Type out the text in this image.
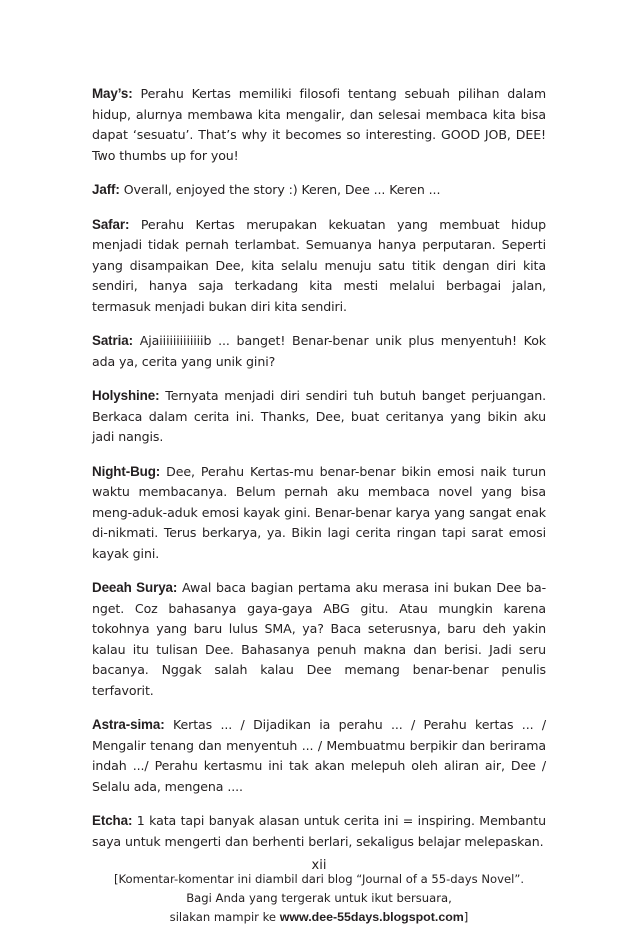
May’s: Perahu Kertas memiliki filosofi tentang sebuah pilihan dalam hidup, alurnya membawa kita mengalir, dan selesai membaca kita bisa dapat ‘sesuatu’. That’s why it becomes so interesting. GOOD JOB, DEE! Two thumbs up for you!

Jaff: Overall, enjoyed the story :) Keren, Dee ... Keren ...

Safar: Perahu Kertas merupakan kekuatan yang membuat hidup menjadi tidak pernah terlambat. Semuanya hanya perputaran. Seperti yang disampaikan Dee, kita selalu menuju satu titik dengan diri kita sendiri, hanya saja terkadang kita mesti melalui berbagai jalan, termasuk menjadi bukan diri kita sendiri.

Satria: Ajaiiiiiiiiiiiiib ... banget! Benar-benar unik plus menyentuh! Kok ada ya, cerita yang unik gini?

Holyshine: Ternyata menjadi diri sendiri tuh butuh banget perjuangan. Berkaca dalam cerita ini. Thanks, Dee, buat ceritanya yang bikin aku jadi nangis.

Night-Bug: Dee, Perahu Kertas-mu benar-benar bikin emosi naik turun waktu membacanya. Belum pernah aku membaca novel yang bisa meng-aduk-aduk emosi kayak gini. Benar-benar karya yang sangat enak di-nikmati. Terus berkarya, ya. Bikin lagi cerita ringan tapi sarat emosi kayak gini.

Deeah Surya: Awal baca bagian pertama aku merasa ini bukan Dee ba-nget. Coz bahasanya gaya-gaya ABG gitu. Atau mungkin karena tokohnya yang baru lulus SMA, ya? Baca seterusnya, baru deh yakin kalau itu tulisan Dee. Bahasanya penuh makna dan berisi. Jadi seru bacanya. Nggak salah kalau Dee memang benar-benar penulis terfavorit.

Astra-sima: Kertas ... / Dijadikan ia perahu ... / Perahu kertas ... / Mengalir tenang dan menyentuh ... / Membuatmu berpikir dan berirama indah .../ Perahu kertasmu ini tak akan melepuh oleh aliran air, Dee / Selalu ada, mengena ....

Etcha: 1 kata tapi banyak alasan untuk cerita ini = inspiring. Membantu saya untuk mengerti dan berhenti berlari, sekaligus belajar melepaskan.

[Komentar-komentar ini diambil dari blog “Journal of a 55-days Novel”.
Bagi Anda yang tergerak untuk ikut bersuara,
silakan mampir ke www.dee-55days.blogspot.com]
xii
